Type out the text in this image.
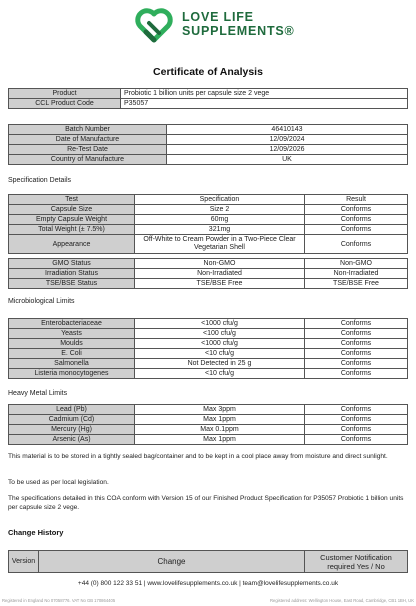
LOVE LIFE
SUPPLEMENTS®
Certificate of Analysis
Product	Probiotic 1 billion units per capsule size 2 vege
CCL Product Code	P35057
Batch Number	46410143
Date of Manufacture	12/09/2024
Re-Test Date	12/09/2026
Country of Manufacture	UK
Specification Details
Test	Specification	Result
Capsule Size	Size 2	Conforms
Empty Capsule Weight	60mg	Conforms
Total Weight (± 7.5%)	321mg	Conforms
Appearance	Off-White to Cream Powder in a Two-Piece Clear Vegetarian Shell	Conforms
GMO Status	Non-GMO	Non-GMO
Irradiation Status	Non-Irradiated	Non-Irradiated
TSE/BSE Status	TSE/BSE Free	TSE/BSE Free
Microbiological Limits
Enterobacteriaceae	<1000 cfu/g	Conforms
Yeasts	<100 cfu/g	Conforms
Moulds	<1000 cfu/g	Conforms
E. Coli	<10 cfu/g	Conforms
Salmonella	Not Detected in 25 g	Conforms
Listeria monocytogenes	<10 cfu/g	Conforms
Heavy Metal Limits
Lead (Pb)	Max 3ppm	Conforms
Cadmium (Cd)	Max 1ppm	Conforms
Mercury (Hg)	Max 0.1ppm	Conforms
Arsenic (As)	Max 1ppm	Conforms
This material is to be stored in a tightly sealed bag/container and to be kept in a cool place away from moisture and direct sunlight.
To be used as per local legislation.
The specifications detailed in this COA conform with Version 15 of our Finished Product Specification for P35057 Probiotic 1 billion units per capsule size 2 vege.
Change History
Version	Change	Customer Notification required Yes / No
+44 (0) 800 122 33 51 | www.lovelifesupplements.co.uk | team@lovelifesupplements.co.uk
Registered in England No 07058776. VAT No GB 170864405	Registered address: Wellington House, East Road, Cambridge, CB1 1BH, UK
